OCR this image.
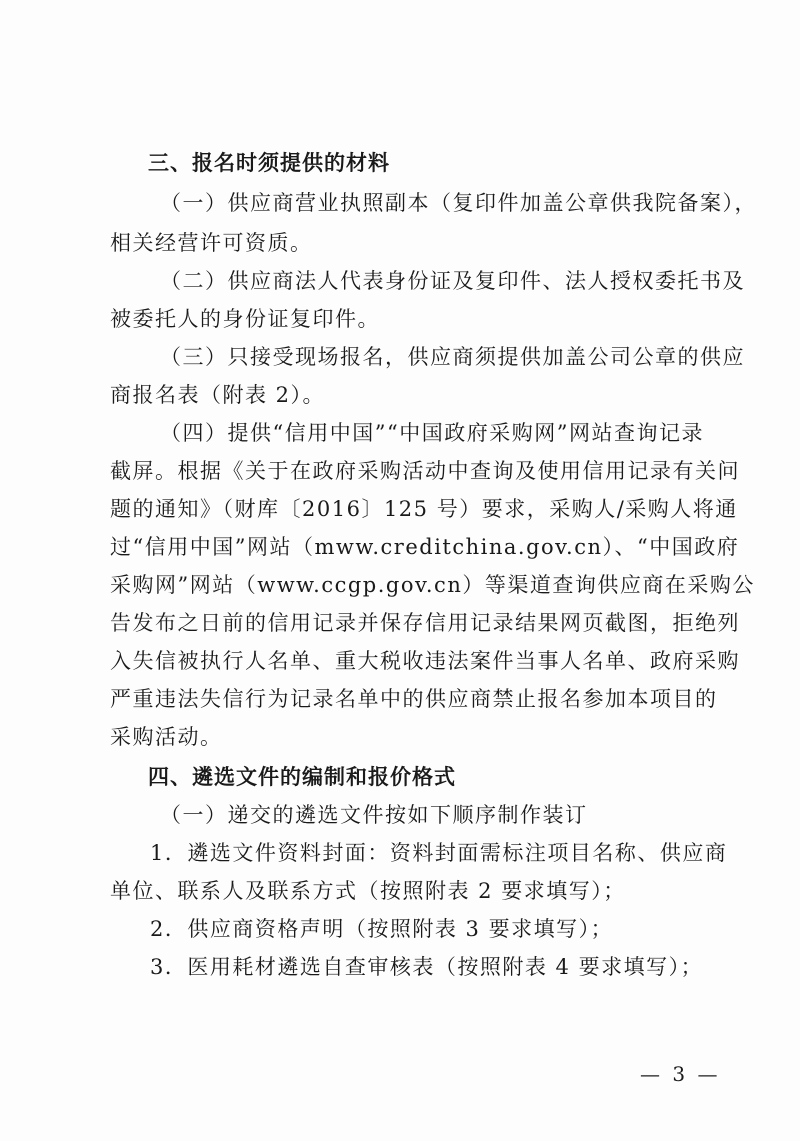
三、报名时须提供的材料
（一）供应商营业执照副本（复印件加盖公章供我院备案），
相关经营许可资质。
（二）供应商法人代表身份证及复印件、法人授权委托书及
被委托人的身份证复印件。
（三）只接受现场报名，供应商须提供加盖公司公章的供应
商报名表（附表 2）。
（四）提供“信用中国”“中国政府采购网”网站查询记录
截屏。根据《关于在政府采购活动中查询及使用信用记录有关问
题的通知》（财库〔2016〕125 号）要求，采购人/采购人将通
过“信用中国”网站（mww.creditchina.gov.cn）、“中国政府
采购网”网站（www.ccgp.gov.cn）等渠道查询供应商在采购公
告发布之日前的信用记录并保存信用记录结果网页截图，拒绝列
入失信被执行人名单、重大税收违法案件当事人名单、政府采购
严重违法失信行为记录名单中的供应商禁止报名参加本项目的
采购活动。
四、遴选文件的编制和报价格式
（一）递交的遴选文件按如下顺序制作装订
1．遴选文件资料封面：资料封面需标注项目名称、供应商
单位、联系人及联系方式（按照附表 2 要求填写）；
2．供应商资格声明（按照附表 3 要求填写）；
3．医用耗材遴选自查审核表（按照附表 4 要求填写）；
— 3 —
